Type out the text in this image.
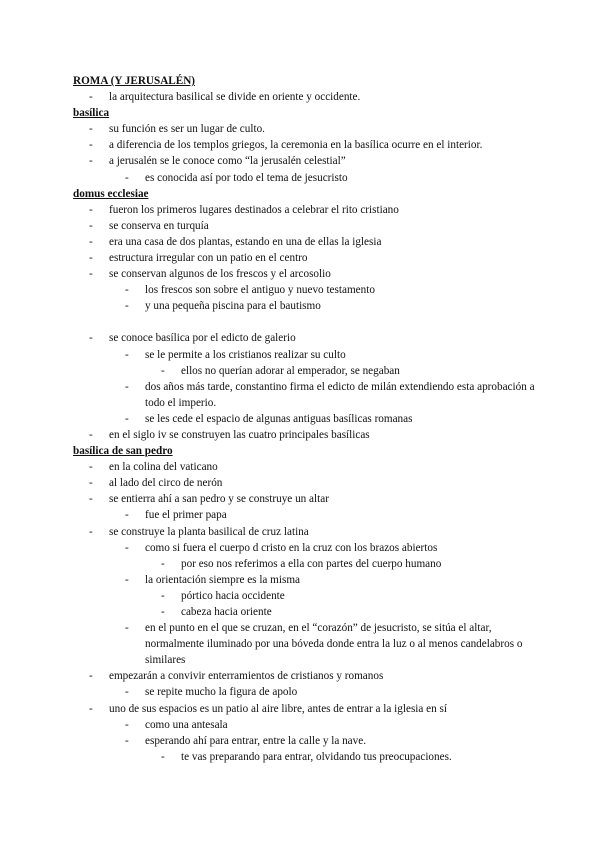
ROMA (Y JERUSALÉN)
-	la arquitectura basilical se divide en oriente y occidente.
basílica
-	su función es ser un lugar de culto.
-	a diferencia de los templos griegos, la ceremonia en la basílica ocurre en el interior.
-	a jerusalén se le conoce como “la jerusalén celestial”
-	es conocida así por todo el tema de jesucristo
domus ecclesiae
-	fueron los primeros lugares destinados a celebrar el rito cristiano
-	se conserva en turquía
-	era una casa de dos plantas, estando en una de ellas la iglesia
-	estructura irregular con un patio en el centro
-	se conservan algunos de los frescos y el arcosolio
-	los frescos son sobre el antiguo y nuevo testamento
-	y una pequeña piscina para el bautismo
-	se conoce basílica por el edicto de galerio
-	se le permite a los cristianos realizar su culto
-	ellos no querían adorar al emperador, se negaban
-	dos años más tarde, constantino firma el edicto de milán extendiendo esta aprobación a todo el imperio.
-	se les cede el espacio de algunas antiguas basílicas romanas
-	en el siglo iv se construyen las cuatro principales basílicas
basílica de san pedro
-	en la colina del vaticano
-	al lado del circo de nerón
-	se entierra ahí a san pedro y se construye un altar
-	fue el primer papa
-	se construye la planta basilical de cruz latina
-	como si fuera el cuerpo d cristo en la cruz con los brazos abiertos
-	por eso nos referimos a ella con partes del cuerpo humano
-	la orientación siempre es la misma
-	pórtico hacia occidente
-	cabeza hacia oriente
-	en el punto en el que se cruzan, en el “corazón” de jesucristo, se sitúa el altar, normalmente iluminado por una bóveda donde entra la luz o al menos candelabros o similares
-	empezarán a convivir enterramientos de cristianos y romanos
-	se repite mucho la figura de apolo
-	uno de sus espacios es un patio al aire libre, antes de entrar a la iglesia en sí
-	como una antesala
-	esperando ahí para entrar, entre la calle y la nave.
-	te vas preparando para entrar, olvidando tus preocupaciones.
